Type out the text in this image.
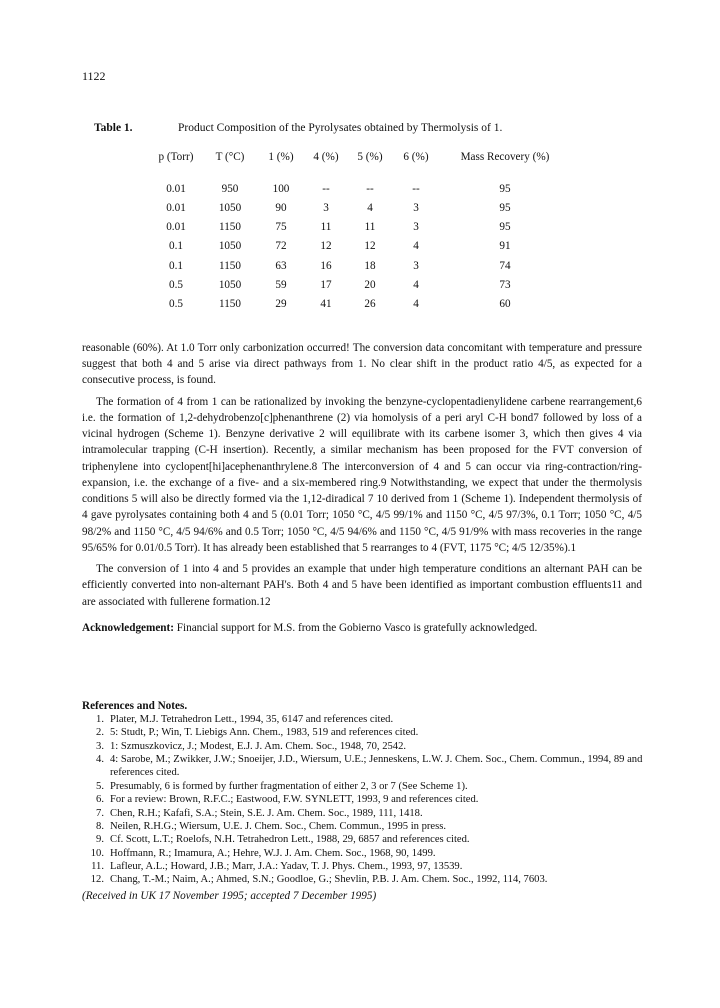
1122
Table 1.	Product Composition of the Pyrolysates obtained by Thermolysis of 1.
p (Torr)	T (°C)	1 (%)	4 (%)	5 (%)	6 (%)	Mass Recovery (%)
0.01	950	100	--	--	--	95
0.01	1050	90	3	4	3	95
0.01	1150	75	11	11	3	95
0.1	1050	72	12	12	4	91
0.1	1150	63	16	18	3	74
0.5	1050	59	17	20	4	73
0.5	1150	29	41	26	4	60

reasonable (60%). At 1.0 Torr only carbonization occurred! The conversion data concomitant with temperature and pressure suggest that both 4 and 5 arise via direct pathways from 1. No clear shift in the product ratio 4/5, as expected for a consecutive process, is found.

The formation of 4 from 1 can be rationalized by invoking the benzyne-cyclopentadienylidene carbene rearrangement,6 i.e. the formation of 1,2-dehydrobenzo[c]phenanthrene (2) via homolysis of a peri aryl C-H bond7 followed by loss of a vicinal hydrogen (Scheme 1). Benzyne derivative 2 will equilibrate with its carbene isomer 3, which then gives 4 via intramolecular trapping (C-H insertion). Recently, a similar mechanism has been proposed for the FVT conversion of triphenylene into cyclopent[hi]acephenanthrylene.8 The interconversion of 4 and 5 can occur via ring-contraction/ring-expansion, i.e. the exchange of a five- and a six-membered ring.9 Notwithstanding, we expect that under the thermolysis conditions 5 will also be directly formed via the 1,12-diradical 7 10 derived from 1 (Scheme 1). Independent thermolysis of 4 gave pyrolysates containing both 4 and 5 (0.01 Torr; 1050 °C, 4/5 99/1% and 1150 °C, 4/5 97/3%, 0.1 Torr; 1050 °C, 4/5 98/2% and 1150 °C, 4/5 94/6% and 0.5 Torr; 1050 °C, 4/5 94/6% and 1150 °C, 4/5 91/9% with mass recoveries in the range 95/65% for 0.01/0.5 Torr). It has already been established that 5 rearranges to 4 (FVT, 1175 °C; 4/5 12/35%).1

The conversion of 1 into 4 and 5 provides an example that under high temperature conditions an alternant PAH can be efficiently converted into non-alternant PAH's. Both 4 and 5 have been identified as important combustion effluents11 and are associated with fullerene formation.12

Acknowledgement: Financial support for M.S. from the Gobierno Vasco is gratefully acknowledged.

References and Notes.
1. Plater, M.J. Tetrahedron Lett., 1994, 35, 6147 and references cited.
2. 5: Studt, P.; Win, T. Liebigs Ann. Chem., 1983, 519 and references cited.
3. 1: Szmuszkovicz, J.; Modest, E.J. J. Am. Chem. Soc., 1948, 70, 2542.
4. 4: Sarobe, M.; Zwikker, J.W.; Snoeijer, J.D., Wiersum, U.E.; Jenneskens, L.W. J. Chem. Soc., Chem. Commun., 1994, 89 and references cited.
5. Presumably, 6 is formed by further fragmentation of either 2, 3 or 7 (See Scheme 1).
6. For a review: Brown, R.F.C.; Eastwood, F.W. SYNLETT, 1993, 9 and references cited.
7. Chen, R.H.; Kafafi, S.A.; Stein, S.E. J. Am. Chem. Soc., 1989, 111, 1418.
8. Neilen, R.H.G.; Wiersum, U.E. J. Chem. Soc., Chem. Commun., 1995 in press.
9. Cf. Scott, L.T.; Roelofs, N.H. Tetrahedron Lett., 1988, 29, 6857 and references cited.
10. Hoffmann, R.; Imamura, A.; Hehre, W.J. J. Am. Chem. Soc., 1968, 90, 1499.
11. Lafleur, A.L.; Howard, J.B.; Marr, J.A.: Yadav, T. J. Phys. Chem., 1993, 97, 13539.
12. Chang, T.-M.; Naim, A.; Ahmed, S.N.; Goodloe, G.; Shevlin, P.B. J. Am. Chem. Soc., 1992, 114, 7603.
(Received in UK 17 November 1995; accepted 7 December 1995)
